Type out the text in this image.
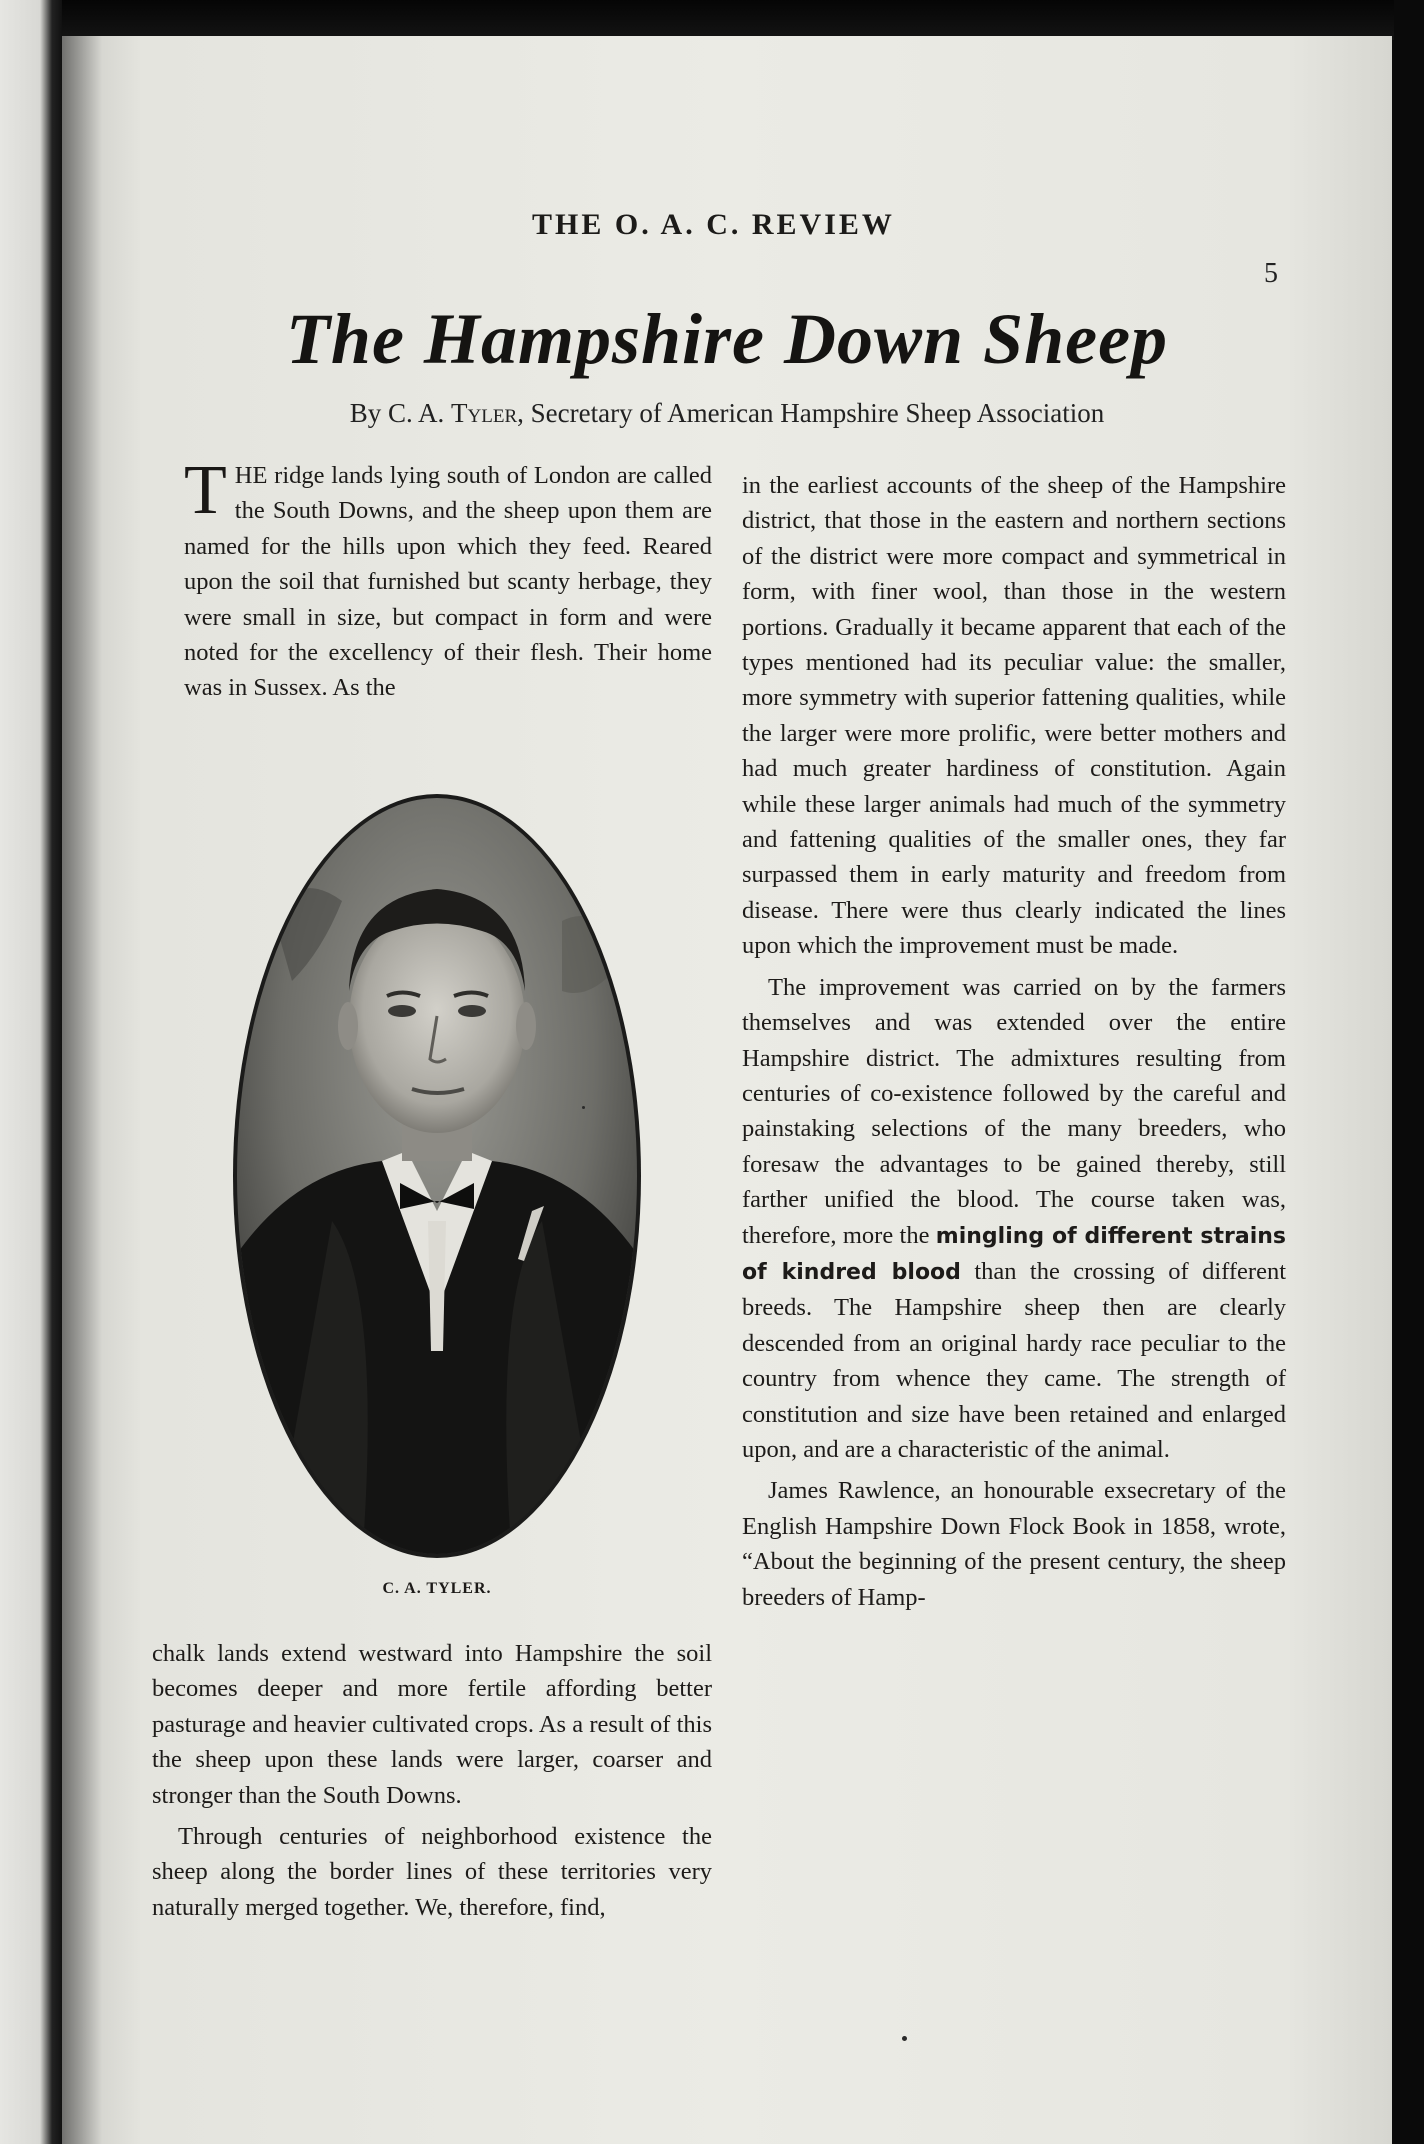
THE O. A. C. REVIEW
5
The Hampshire Down Sheep
By C. A. Tyler, Secretary of American Hampshire Sheep Association

THE ridge lands lying south of London are called the South Downs, and the sheep upon them are named for the hills upon which they feed. Reared upon the soil that furnished but scanty herbage, they were small in size, but compact in form and were noted for the excellency of their flesh. Their home was in Sussex. As the

C. A. TYLER.

chalk lands extend westward into Hampshire the soil becomes deeper and more fertile affording better pasturage and heavier cultivated crops. As a result of this the sheep upon these lands were larger, coarser and stronger than the South Downs.

Through centuries of neighborhood existence the sheep along the border lines of these territories very naturally merged together. We, therefore, find,

in the earliest accounts of the sheep of the Hampshire district, that those in the eastern and northern sections of the district were more compact and symmetrical in form, with finer wool, than those in the western portions. Gradually it became apparent that each of the types mentioned had its peculiar value: the smaller, more symmetry with superior fattening qualities, while the larger were more prolific, were better mothers and had much greater hardiness of constitution. Again while these larger animals had much of the symmetry and fattening qualities of the smaller ones, they far surpassed them in early maturity and freedom from disease. There were thus clearly indicated the lines upon which the improvement must be made.

The improvement was carried on by the farmers themselves and was extended over the entire Hampshire district. The admixtures resulting from centuries of co-existence followed by the careful and painstaking selections of the many breeders, who foresaw the advantages to be gained thereby, still farther unified the blood. The course taken was, therefore, more the mingling of different strains of kindred blood than the crossing of different breeds. The Hampshire sheep then are clearly descended from an original hardy race peculiar to the country from whence they came. The strength of constitution and size have been retained and enlarged upon, and are a characteristic of the animal.

James Rawlence, an honourable exsecretary of the English Hampshire Down Flock Book in 1858, wrote, “About the beginning of the present century, the sheep breeders of Hamp-
